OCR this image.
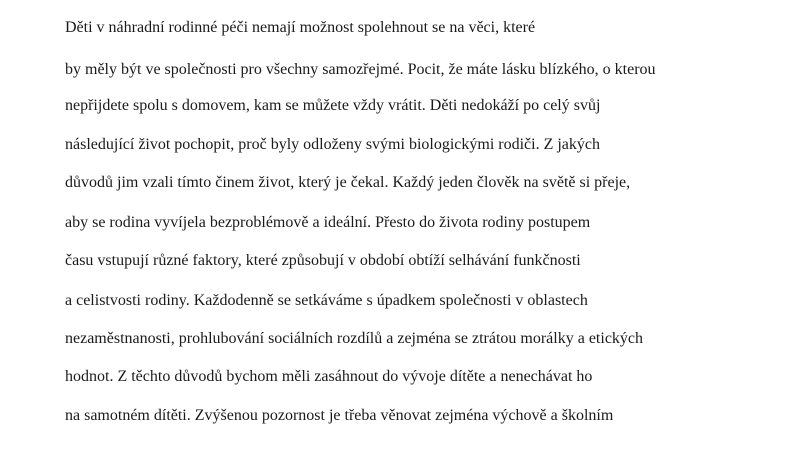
Děti v náhradní rodinné péči nemají možnost spolehnout se na věci, které
by měly být ve společnosti pro všechny samozřejmé. Pocit, že máte lásku blízkého, o kterou
nepřijdete spolu s domovem, kam se můžete vždy vrátit. Děti nedokáží po celý svůj
následující život pochopit, proč byly odloženy svými biologickými rodiči. Z jakých
důvodů jim vzali tímto činem život, který je čekal. Každý jeden člověk na světě si přeje,
aby se rodina vyvíjela bezproblémově a ideální. Přesto do života rodiny postupem
času vstupují různé faktory, které způsobují v období obtíží selhávání funkčnosti
a celistvosti rodiny. Každodenně se setkáváme s úpadkem společnosti v oblastech
nezaměstnanosti, prohlubování sociálních rozdílů a zejména se ztrátou morálky a etických
hodnot. Z těchto důvodů bychom měli zasáhnout do vývoje dítěte a nenechávat ho
na samotném dítěti. Zvýšenou pozornost je třeba věnovat zejména výchově a školním
